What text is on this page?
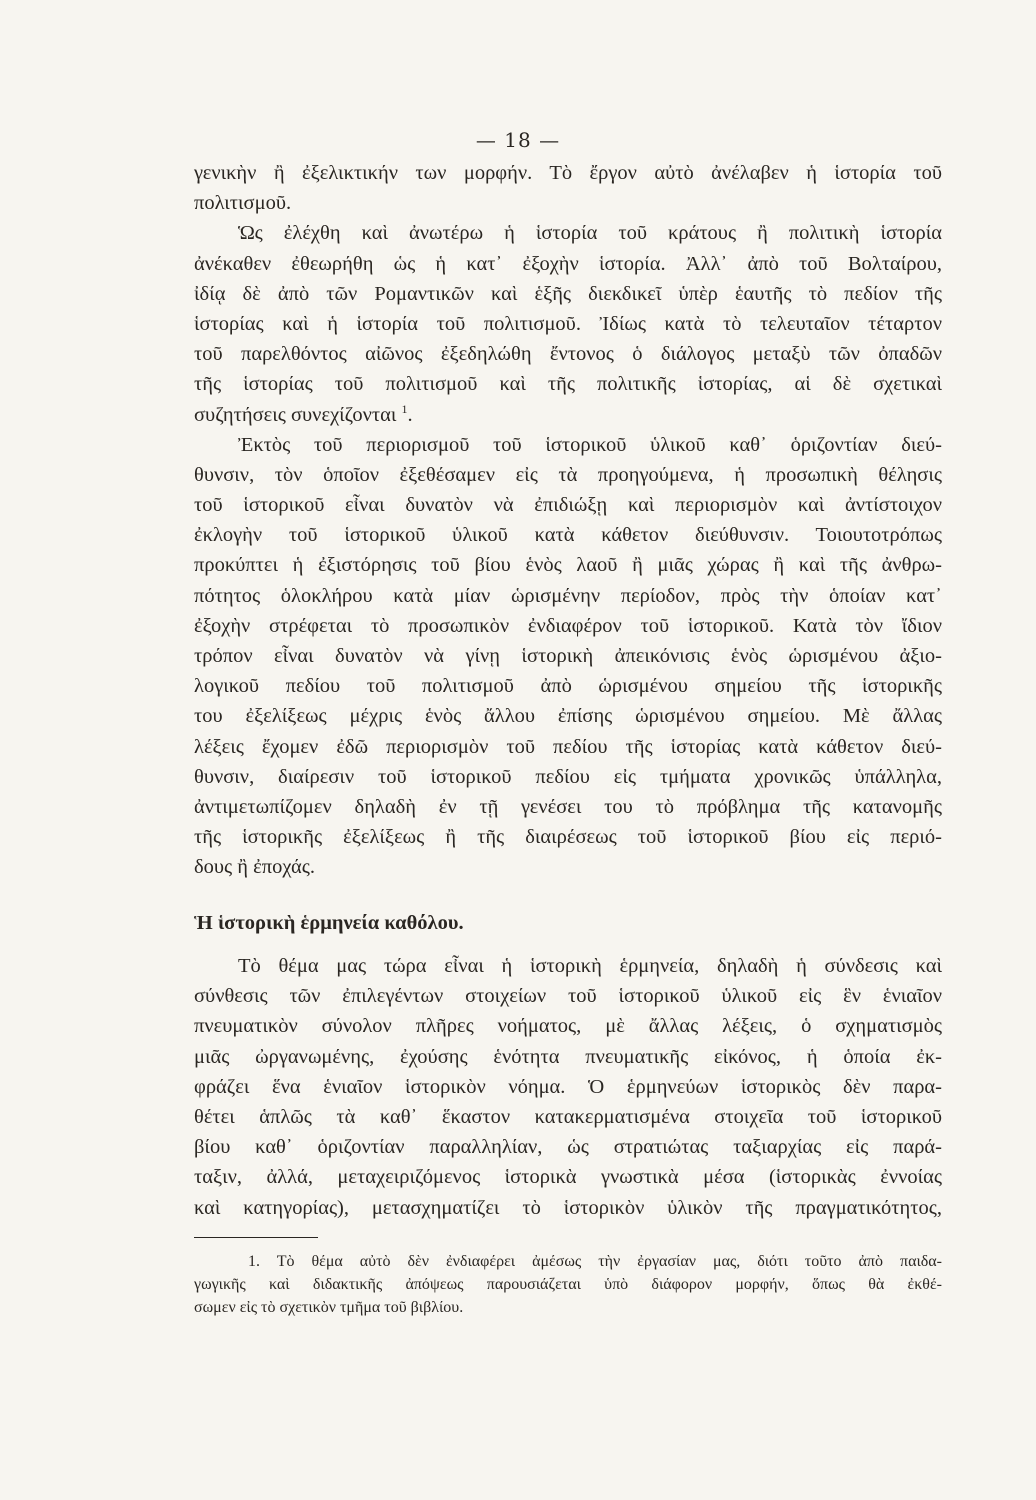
— 18 —
γενικὴν ἢ ἐξελικτικήν των μορφήν. Τὸ ἔργον αὐτὸ ἀνέλαβεν ἡ ἱστορία τοῦ
πολιτισμοῦ.
Ὡς ἐλέχθη καὶ ἀνωτέρω ἡ ἱστορία τοῦ κράτους ἢ πολιτικὴ ἱστορία
ἀνέκαθεν ἐθεωρήθη ὡς ἡ κατ᾽ ἐξοχὴν ἱστορία. Ἀλλ᾽ ἀπὸ τοῦ Βολταίρου,
ἰδίᾳ δὲ ἀπὸ τῶν Ρομαντικῶν καὶ ἑξῆς διεκδικεῖ ὑπὲρ ἑαυτῆς τὸ πεδίον τῆς
ἱστορίας καὶ ἡ ἱστορία τοῦ πολιτισμοῦ. Ἰδίως κατὰ τὸ τελευταῖον τέταρτον
τοῦ παρελθόντος αἰῶνος ἐξεδηλώθη ἔντονος ὁ διάλογος μεταξὺ τῶν ὀπαδῶν
τῆς ἱστορίας τοῦ πολιτισμοῦ καὶ τῆς πολιτικῆς ἱστορίας, αἱ δὲ σχετικαὶ
συζητήσεις συνεχίζονται $^1$.
Ἐκτὸς τοῦ περιορισμοῦ τοῦ ἱστορικοῦ ὑλικοῦ καθ᾽ ὁριζοντίαν διεύ-
θυνσιν, τὸν ὁποῖον ἐξεθέσαμεν εἰς τὰ προηγούμενα, ἡ προσωπικὴ θέλησις
τοῦ ἱστορικοῦ εἶναι δυνατὸν νὰ ἐπιδιώξῃ καὶ περιορισμὸν καὶ ἀντίστοιχον
ἐκλογὴν τοῦ ἱστορικοῦ ὑλικοῦ κατὰ κάθετον διεύθυνσιν. Τοιουτοτρόπως
προκύπτει ἡ ἐξιστόρησις τοῦ βίου ἑνὸς λαοῦ ἢ μιᾶς χώρας ἢ καὶ τῆς ἀνθρω-
πότητος ὁλοκλήρου κατὰ μίαν ὡρισμένην περίοδον, πρὸς τὴν ὁποίαν κατ᾽
ἐξοχὴν στρέφεται τὸ προσωπικὸν ἐνδιαφέρον τοῦ ἱστορικοῦ. Κατὰ τὸν ἴδιον
τρόπον εἶναι δυνατὸν νὰ γίνῃ ἱστορικὴ ἀπεικόνισις ἑνὸς ὡρισμένου ἀξιο-
λογικοῦ πεδίου τοῦ πολιτισμοῦ ἀπὸ ὡρισμένου σημείου τῆς ἱστορικῆς
του ἐξελίξεως μέχρις ἑνὸς ἄλλου ἐπίσης ὡρισμένου σημείου. Μὲ ἄλλας
λέξεις ἔχομεν ἐδῶ περιορισμὸν τοῦ πεδίου τῆς ἱστορίας κατὰ κάθετον διεύ-
θυνσιν, διαίρεσιν τοῦ ἱστορικοῦ πεδίου εἰς τμήματα χρονικῶς ὑπάλληλα,
ἀντιμετωπίζομεν δηλαδὴ ἐν τῇ γενέσει του τὸ πρόβλημα τῆς κατανομῆς
τῆς ἱστορικῆς ἐξελίξεως ἢ τῆς διαιρέσεως τοῦ ἱστορικοῦ βίου εἰς περιό-
δους ἢ ἐποχάς.
Ἡ ἱστορικὴ ἑρμηνεία καθόλου.
Τὸ θέμα μας τώρα εἶναι ἡ ἱστορικὴ ἑρμηνεία, δηλαδὴ ἡ σύνδεσις καὶ
σύνθεσις τῶν ἐπιλεγέντων στοιχείων τοῦ ἱστορικοῦ ὑλικοῦ εἰς ἓν ἑνιαῖον
πνευματικὸν σύνολον πλῆρες νοήματος, μὲ ἄλλας λέξεις, ὁ σχηματισμὸς
μιᾶς ὠργανωμένης, ἐχούσης ἑνότητα πνευματικῆς εἰκόνος, ἡ ὁποία ἐκ-
φράζει ἕνα ἑνιαῖον ἱστορικὸν νόημα. Ὁ ἑρμηνεύων ἱστορικὸς δὲν παρα-
θέτει ἁπλῶς τὰ καθ᾽ ἕκαστον κατακερματισμένα στοιχεῖα τοῦ ἱστορικοῦ
βίου καθ᾽ ὁριζοντίαν παραλληλίαν, ὡς στρατιώτας ταξιαρχίας εἰς παρά-
ταξιν, ἀλλά, μεταχειριζόμενος ἱστορικὰ γνωστικὰ μέσα (ἱστορικὰς ἐννοίας
καὶ κατηγορίας), μετασχηματίζει τὸ ἱστορικὸν ὑλικὸν τῆς πραγματικότητος,
1. Τὸ θέμα αὐτὸ δὲν ἐνδιαφέρει ἀμέσως τὴν ἐργασίαν μας, διότι τοῦτο ἀπὸ παιδα-
γωγικῆς καὶ διδακτικῆς ἀπόψεως παρουσιάζεται ὑπὸ διάφορον μορφήν, ὅπως θὰ ἐκθέ-
σωμεν εἰς τὸ σχετικὸν τμῆμα τοῦ βιβλίου.
